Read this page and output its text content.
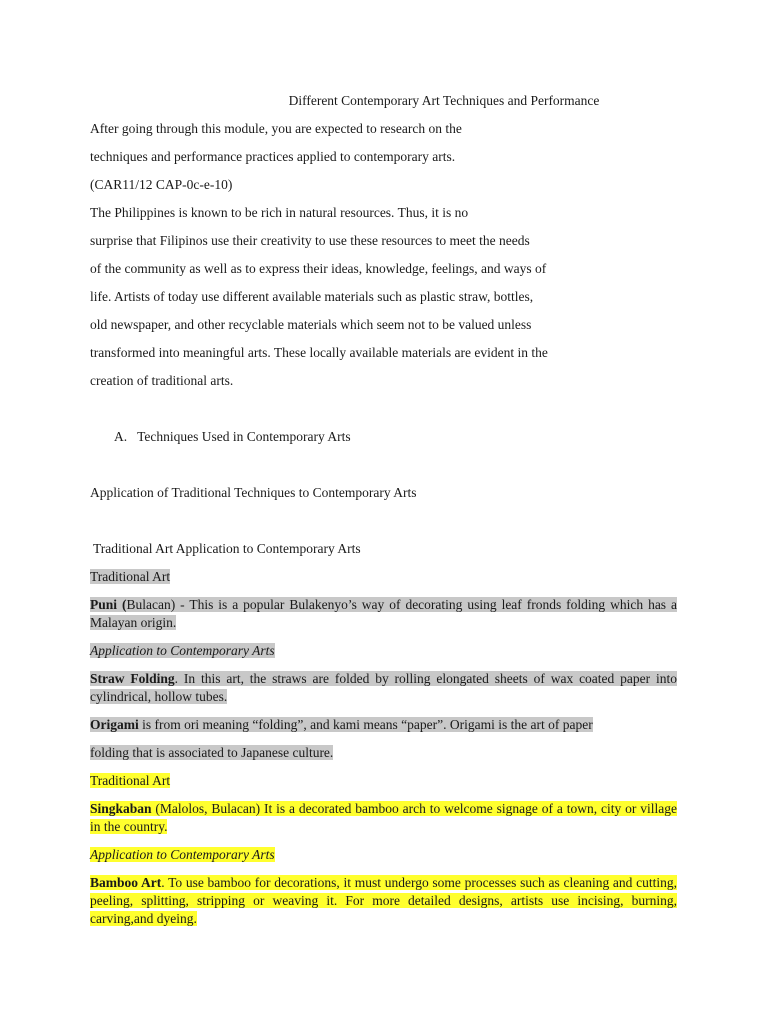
Different Contemporary Art Techniques and Performance
After going through this module, you are expected to research on the
techniques and performance practices applied to contemporary arts.
(CAR11/12 CAP-0c-e-10)
The Philippines is known to be rich in natural resources. Thus, it is no
surprise that Filipinos use their creativity to use these resources to meet the needs
of the community as well as to express their ideas, knowledge, feelings, and ways of
life. Artists of today use different available materials such as plastic straw, bottles,
old newspaper, and other recyclable materials which seem not to be valued unless
transformed into meaningful arts. These locally available materials are evident in the
creation of traditional arts.
A. Techniques Used in Contemporary Arts
Application of Traditional Techniques to Contemporary Arts
Traditional Art Application to Contemporary Arts
Traditional Art
Puni (Bulacan) - This is a popular Bulakenyo’s way of decorating using leaf fronds folding which has a Malayan origin.
Application to Contemporary Arts
Straw Folding. In this art, the straws are folded by rolling elongated sheets of wax coated paper into cylindrical, hollow tubes.
Origami is from ori meaning “folding”, and kami means “paper”. Origami is the art of paper
folding that is associated to Japanese culture.
Traditional Art
Singkaban (Malolos, Bulacan) It is a decorated bamboo arch to welcome signage of a town, city or village in the country.
Application to Contemporary Arts
Bamboo Art. To use bamboo for decorations, it must undergo some processes such as cleaning and cutting, peeling, splitting, stripping or weaving it. For more detailed designs, artists use incising, burning, carving,and dyeing.
